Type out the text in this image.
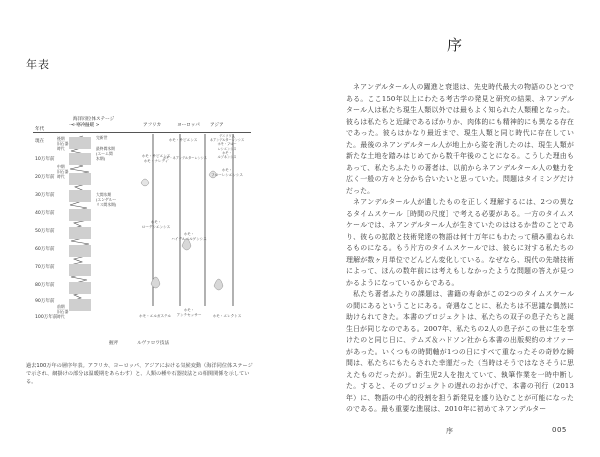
年表
海洋同位体ステージ
< 寒冷 温暖 >
年代
アフリカ	ヨーロッパ アジア
現在
10万年前
20万年前
30万年前
40万年前
50万年前
60万年前
70万年前
80万年前
90万年前
100万年前
後期
旧石器
時代
中期
旧石器
時代
前期
旧石器
時代
完新世
最終間氷期
(エーム間
氷期)
大間氷期
(エンゲルー
リス間氷期)
ホモ・サピエンス
ホモ・ナレディ
ホモ・
ローデシエンシス
ホモ・エルガステル
ホモ・サピエンス
ホモ・ネアンデルターレンシス
ホモ・
ハイデルベルゲンシス
ホモ・
アンテセッサー
デニソワ人
ネアンデルターレンシス
ホモ・フロー
レシエンシス
ホモ・
ルゾネンシス
ホモ・
フローレシエンシス
ホモ・エレクトス
握斧	ルヴァロワ技法
過去100万年の層序年表。アフリカ、ヨーロッパ、アジアにおける気候変動（海洋同位体ステージで示され、網掛けの部分は温暖期をあらわす）と、人類の種や石器技法との相関関係を示している。
序

ネアンデルタール人の躍進と衰退は、先史時代最大の物語のひとつである。ここ150年以上にわたる考古学の発見と研究の結果、ネアンデルタール人は私たち現生人類以外では最もよく知られた人類種となった。彼らは私たちと近縁であるばかりか、肉体的にも精神的にも異なる存在であった。彼らはかなり最近まで、現生人類と同じ時代に存在していた。最後のネアンデルタール人が地上から姿を消したのは、現生人類が新たな土地を踏みはじめてから数千年後のことになる。こうした理由もあって、私たちふたりの著者は、以前からネアンデルタール人の魅力を広く一般の方々と分かち合いたいと思っていた。問題はタイミングだけだった。

ネアンデルタール人が遺したものを正しく理解するには、2つの異なるタイムスケール［時間の尺度］で考える必要がある。一方のタイムスケールでは、ネアンデルタール人が生きていたのははるか昔のことであり、彼らの拡散と技術発達の物語は何十万年にもわたって積み重ねられるものになる。もう片方のタイムスケールでは、彼らに対する私たちの理解が数ヶ月単位でどんどん変化している。なぜなら、現代の先端技術によって、ほんの数年前には考えもしなかったような問題の答えが見つかるようになっているからである。

私たち著者ふたりの課題は、書籍の寿命がこの2つのタイムスケールの間にあるということにある。奇遇なことに、私たちは不思議な偶然に助けられてきた。本書のプロジェクトは、私たちの双子の息子たちと誕生日が同じなのである。2007年、私たちの2人の息子がこの世に生を享けたのと同じ日に、テムズ＆ハドソン社から本書の出版契約のオファーがあった。いくつもの時間軸が1つの日にすべて重なったその奇妙な瞬間は、私たちにもたらされた幸運だった（当時はそうではなさそうに思えたものだったが）。新生児2人を抱えていて、執筆作業を一時中断した。すると、そのプロジェクトの遅れのおかげで、本書の刊行（2013年）に、物語の中心的役割を担う新発見を盛り込むことが可能になったのである。最も重要な進展は、2010年に初めてネアンデルター

序	005
